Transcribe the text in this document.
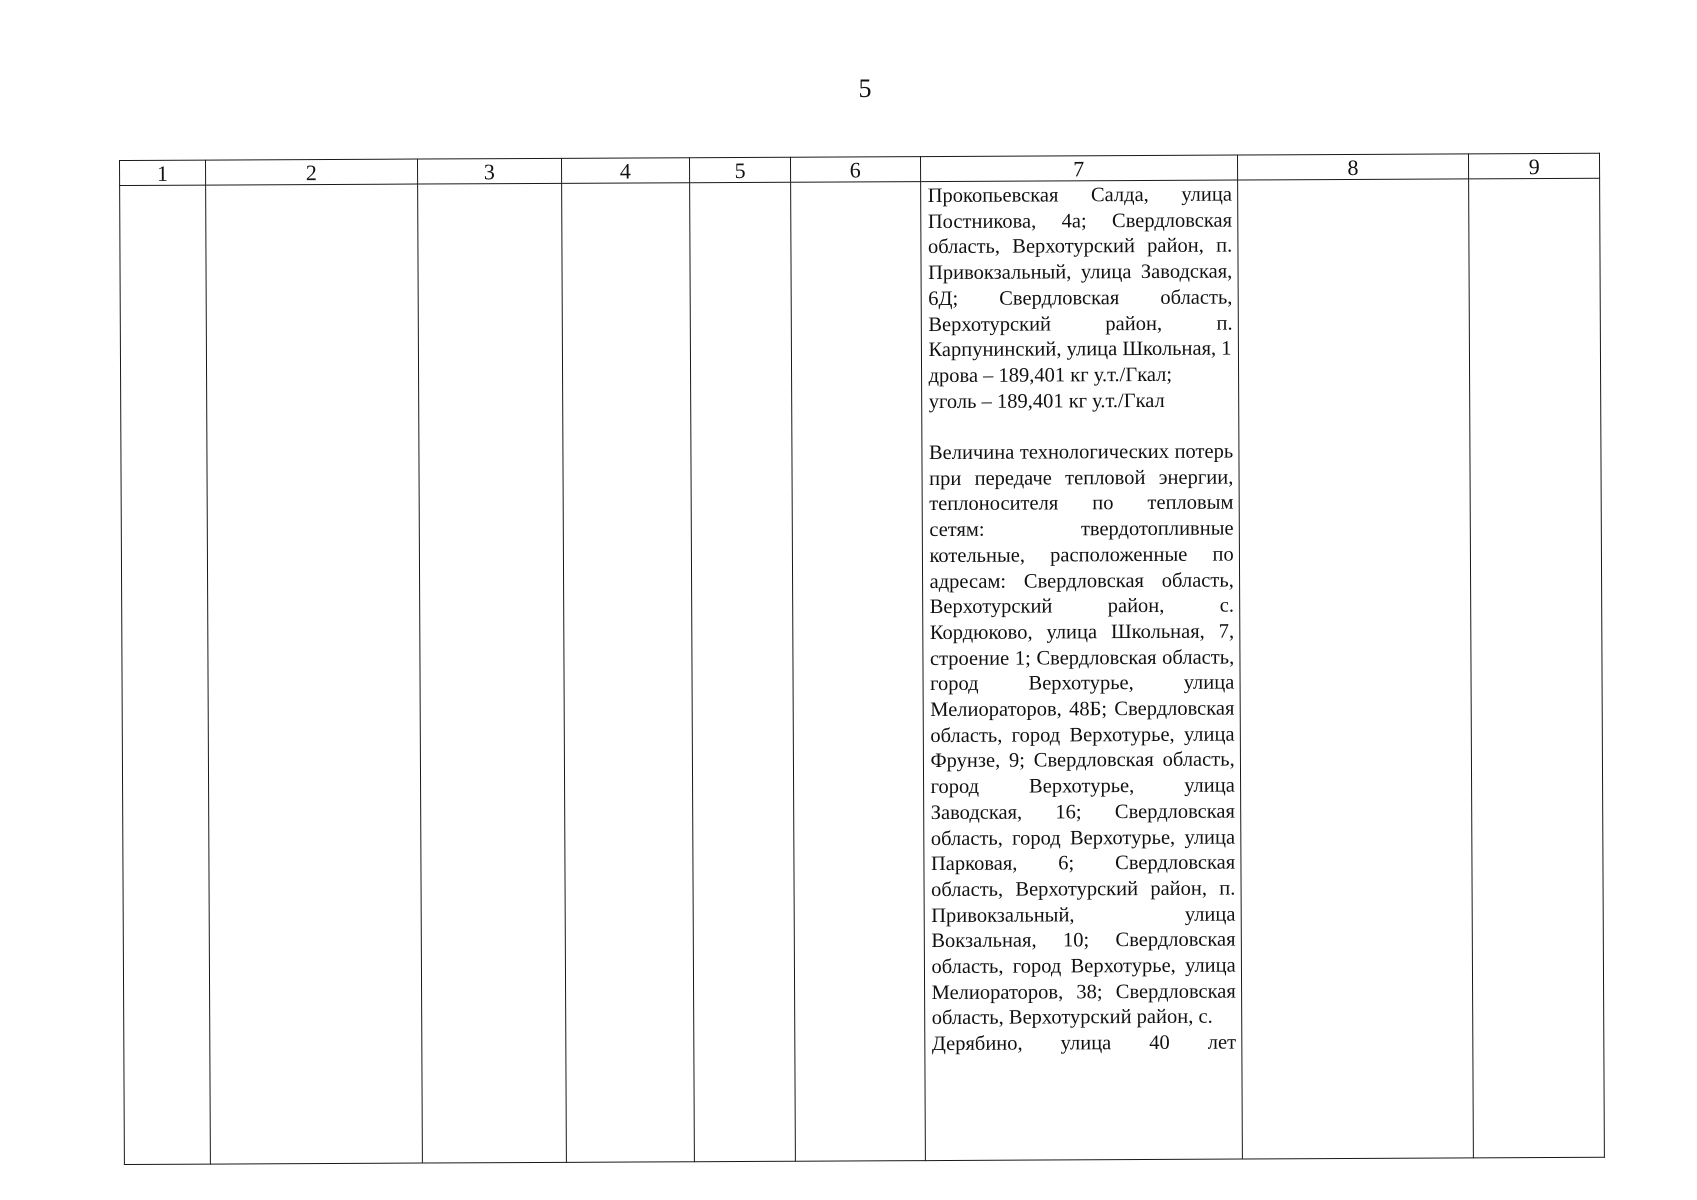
5
1	2	3	4	5	6	7	8	9

						Прокопьевская Салда, улица Постникова, 4а; Свердловская область, Верхотурский район, п. Привокзальный, улица Заводская, 6Д; Свердловская область, Верхотурский район, п. Карпунинский, улица Школьная, 1
дрова – 189,401 кг у.т./Гкал;
уголь – 189,401 кг у.т./Гкал
Величина технологических потерь при передаче тепловой энергии, теплоносителя по тепловым сетям: твердотопливные котельные, расположенные по адресам: Свердловская область, Верхотурский район, с. Кордюково, улица Школьная, 7, строение 1; Свердловская область, город Верхотурье, улица Мелиораторов, 48Б; Свердловская область, город Верхотурье, улица Фрунзе, 9; Свердловская область, город Верхотурье, улица Заводская, 16; Свердловская область, город Верхотурье, улица Парковая, 6; Свердловская область, Верхотурский район, п. Привокзальный, улица Вокзальная, 10; Свердловская область, город Верхотурье, улица Мелиораторов, 38; Свердловская область, Верхотурский район, с.
Дерябино, улица 40 лет		
